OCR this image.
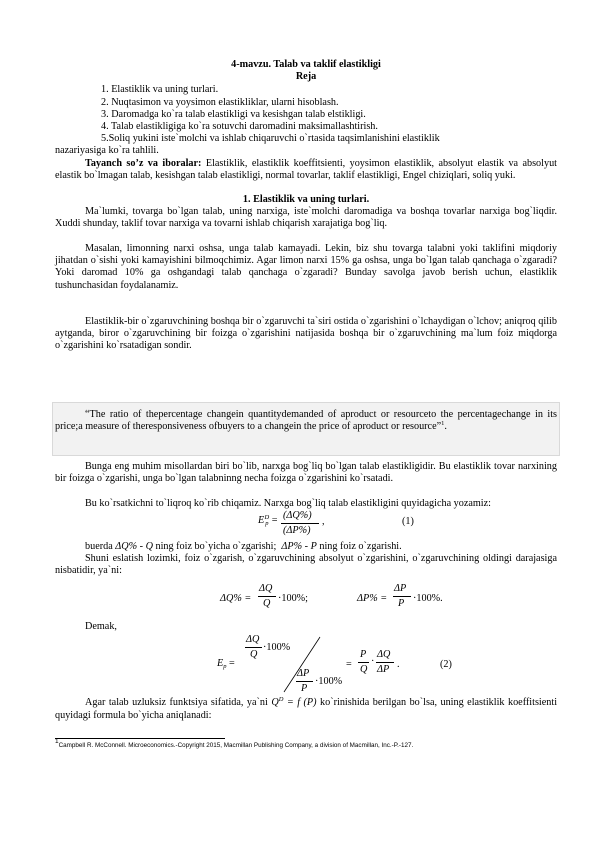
4-mavzu. Talab va taklif elastikligi
Reja
1. Elastiklik va uning turlari.
2. Nuqtasimon va yoysimon elastikliklar, ularni hisoblash.
3. Daromadga ko`ra talab elastikligi va kesishgan talab elstikligi.
4. Talab elastikligiga ko`ra sotuvchi daromadini maksimallashtirish.
5.Soliq yukini iste`molchi va ishlab chiqaruvchi o`rtasida taqsimlanishini elastiklik
nazariyasiga ko`ra tahlili.
Tayanch so’z va iboralar: Elastiklik, elastiklik koeffitsienti, yoysimon elastiklik, absolyut elastik va absolyut elastik bo`lmagan talab, kesishgan talab elastikligi, normal tovarlar, taklif elastikligi, Engel chiziqlari, soliq yuki.
1. Elastiklik va uning turlari.
Ma`lumki, tovarga bo`lgan talab, uning narxiga, iste`molchi daromadiga va boshqa tovarlar narxiga bog`liqdir. Xuddi shunday, taklif tovar narxiga va tovarni ishlab chiqarish xarajatiga bog`liq.
Masalan, limonning narxi oshsa, unga talab kamayadi. Lekin, biz shu tovarga talabni yoki taklifini miqdoriy jihatdan o`sishi yoki kamayishini bilmoqchimiz. Agar limon narxi 15% ga oshsa, unga bo`lgan talab qanchaga o`zgaradi? Yoki daromad 10% ga oshgandagi talab qanchaga o`zgaradi? Bunday savolga javob berish uchun, elastiklik tushunchasidan foydalanamiz.
Elastiklik-bir o`zgaruvchining boshqa bir o`zgaruvchi ta`siri ostida o`zgarishini o`lchaydigan o`lchov; aniqroq qilib aytganda, biror o`zgaruvchining bir foizga o`zgarishini natijasida boshqa bir o`zgaruvchining ma`lum foiz miqdorga o`zgarishini ko`rsatadigan sondir.
“The ratio of thepercentage changein quantitydemanded of aproduct or resourceto the percentagechange in its price;a measure of theresponsiveness ofbuyers to a changein the price of aproduct or resource”$^1$.
Bunga eng muhim misollardan biri bo`lib, narxga bog`liq bo`lgan talab elastikligidir. Bu elastiklik tovar narxining bir foizga o`zgarishi, unga bo`lgan talabninng necha foizga o`zgarishini ko`rsatadi.
Bu ko`rsatkichni to`liqroq ko`rib chiqamiz. Narxga bog`liq talab elastikligini quyidagicha yozamiz:
$Ep^D = (\Delta Q\%)$
(ΔP%)
,	(1)
buerda ΔQ% - Q ning foiz bo`yicha o`zgarishi; ΔP% - P ning foiz o`zgarishi.
Shuni eslatish lozimki, foiz o`zgarish, o`zgaruvchining absolyut o`zgarishini, o`zgaruvchining oldingi darajasiga nisbatidir, ya`ni:
ΔQ% =
ΔQ
Q ·100%;	ΔP% =
ΔP
P ·100%.
Demak,
Ep =
ΔQ
Q
·100%
ΔP
P
·100%
=
P
Q
·
ΔQ
ΔP .	(2)
Agar talab uzluksiz funktsiya sifatida, ya`ni $Q^D = f$ (P) ko`rinishida berilgan bo`lsa, uning elastiklik koeffitsienti quyidagi formula bo`yicha aniqlanadi:
1Campbell R. McConnell. Microeconomics.-Copyright 2015, Macmillan Publishing Company, a division of Macmillan, Inc.-P.-127.
